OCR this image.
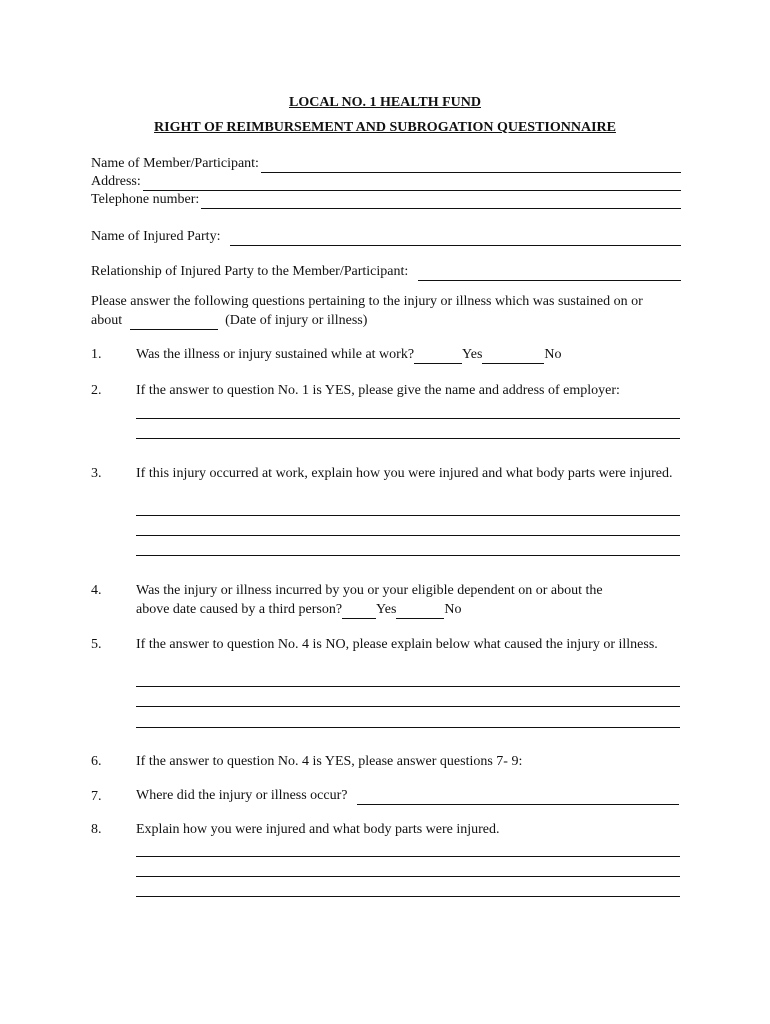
LOCAL NO. 1 HEALTH FUND
RIGHT OF REIMBURSEMENT AND SUBROGATION QUESTIONNAIRE
Name of Member/Participant:
Address:
Telephone number:
Name of Injured Party:
Relationship of Injured Party to the Member/Participant:
Please answer the following questions pertaining to the injury or illness which was sustained on or
about	(Date of injury or illness)
1. Was the illness or injury sustained while at work?	Yes	No
2. If the answer to question No. 1 is YES, please give the name and address of employer:
3. If this injury occurred at work, explain how you were injured and what body parts were injured.
4. Was the injury or illness incurred by you or your eligible dependent on or about the
above date caused by a third person? Yes	No
5. If the answer to question No. 4 is NO, please explain below what caused the injury or illness.
6. If the answer to question No. 4 is YES, please answer questions 7- 9:
7. Where did the injury or illness occur?
8. Explain how you were injured and what body parts were injured.
